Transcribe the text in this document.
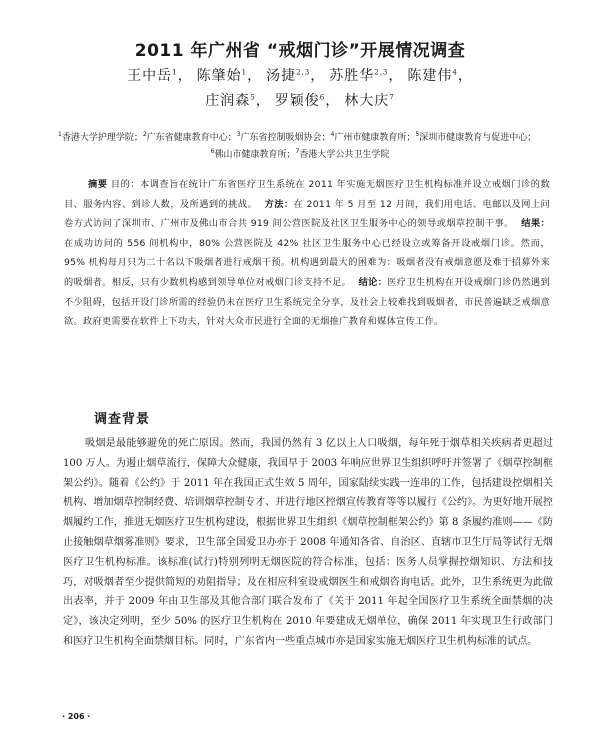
2011 年广州省 “戒烟门诊”开展情况调查
王中岳$^1$， 陈肇始$^1$， 汤捷$^{2,3}$， 苏胜华$^{2,3}$， 陈建伟$^4$，
庄润森$^5$， 罗颖俊$^6$， 林大庆$^7$
$^1$香港大学护理学院；$^2$广东省健康教育中心；$^3$广东省控制吸烟协会；$^4$广州市健康教育所；$^5$深圳市健康教育与促进中心；
$^6$佛山市健康教育所；$^7$香港大学公共卫生学院
摘要 目的：本调查旨在统计广东省医疗卫生系统在 2011 年实施无烟医疗卫生机构标准并设立戒烟门诊的数目、服务内容、到诊人数，及所遇到的挑战。 方法：在 2011 年 5 月至 12 月间，我们用电话、电邮以及网上问卷方式访问了深圳市、广州市及佛山市合共 919 间公营医院及社区卫生服务中心的领导或烟草控制干事。 结果：在成功访问的 556 间机构中，80% 公营医院及 42% 社区卫生服务中心已经设立或筹备开设戒烟门诊。然而，95% 机构每月只为二十名以下吸烟者进行戒烟干预。机构遇到最大的困难为：吸烟者没有戒烟意愿及难于招募外来的吸烟者。相反，只有少数机构感到领导单位对戒烟门诊支持不足。 结论：医疗卫生机构在开设戒烟门诊仍然遇到不少阻碍，包括开设门诊所需的经验仍未在医疗卫生系统完全分享，及社会上较难找到吸烟者，市民普遍缺乏戒烟意欲。政府更需要在软件上下功夫，针对大众市民进行全面的无烟推广教育和媒体宣传工作。
调查背景
吸烟是最能够避免的死亡原因。然而，我国仍然有 3 亿以上人口吸烟，每年死于烟草相关疾病者更超过 100 万人。为遏止烟草流行，保障大众健康，我国早于 2003 年响应世界卫生组织呼吁并签署了《烟草控制框架公约》。随着《公约》于 2011 年在我国正式生效 5 周年，国家陆续实践一连串的工作，包括建设控烟相关机构、增加烟草控制经费、培训烟草控制专才、并进行地区控烟宣传教育等等以履行《公约》。为更好地开展控烟履约工作，推进无烟医疗卫生机构建设，根据世界卫生组织《烟草控制框架公约》第 8 条履约准则——《防止接触烟草烟雾准则》要求，卫生部全国爱卫办亦于 2008 年通知各省、自治区、直辖市卫生厅局等试行无烟医疗卫生机构标准。该标准(试行)特别列明无烟医院的符合标准，包括：医务人员掌握控烟知识、方法和技巧，对吸烟者至少提供简短的劝阻指导；及在相应科室设戒烟医生和戒烟咨询电话。此外，卫生系统更为此做出表率，并于 2009 年由卫生部及其他合部门联合发布了《关于 2011 年起全国医疗卫生系统全面禁烟的决定》，该决定列明，至少 50% 的医疗卫生机构在 2010 年要建成无烟单位，确保 2011 年实现卫生行政部门和医疗卫生机构全面禁烟目标。同时，广东省内一些重点城市亦是国家实施无烟医疗卫生机构标准的试点。
· 206 ·
